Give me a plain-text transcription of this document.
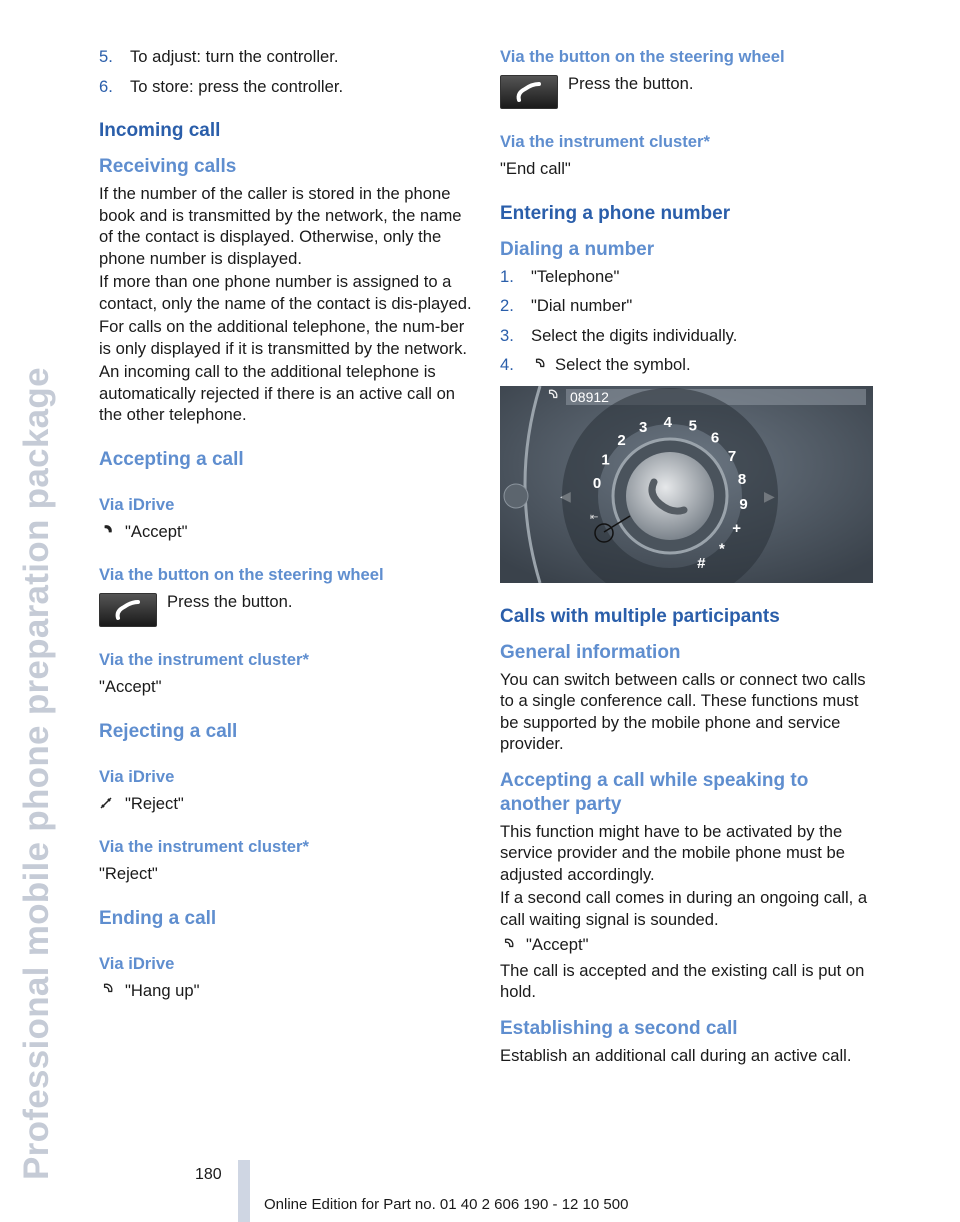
Professional mobile phone preparation package
5.	To adjust: turn the controller.
6.	To store: press the controller.
Incoming call
Receiving calls

If the number of the caller is stored in the phone book and is transmitted by the network, the name of the contact is displayed. Otherwise, only the phone number is displayed.

If more than one phone number is assigned to a contact, only the name of the contact is dis-played.

For calls on the additional telephone, the num-ber is only displayed if it is transmitted by the network.

An incoming call to the additional telephone is automatically rejected if there is an active call on the other telephone.

Accepting a call
Via iDrive
"Accept"
Via the button on the steering wheel
Press the button.
Via the instrument cluster*

"Accept"

Rejecting a call
Via iDrive
"Reject"
Via the instrument cluster*

"Reject"

Ending a call
Via iDrive
"Hang up"
Via the button on the steering wheel
Press the button.
Via the instrument cluster*

"End call"

Entering a phone number
Dialing a number
1.	"Telephone"
2.	"Dial number"
3.	Select the digits individually.
4.	Select the symbol.
08912
◀	▶
0
1
2
3 4 5
6
7
8
9
+
*
#
⇤
Calls with multiple participants
General information

You can switch between calls or connect two calls to a single conference call. These functions must be supported by the mobile phone and service provider.

Accepting a call while speaking to another party

This function might have to be activated by the service provider and the mobile phone must be adjusted accordingly.

If a second call comes in during an ongoing call, a call waiting signal is sounded.

"Accept"

The call is accepted and the existing call is put on hold.

Establishing a second call

Establish an additional call during an active call.

180
Online Edition for Part no. 01 40 2 606 190 - 12 10 500
